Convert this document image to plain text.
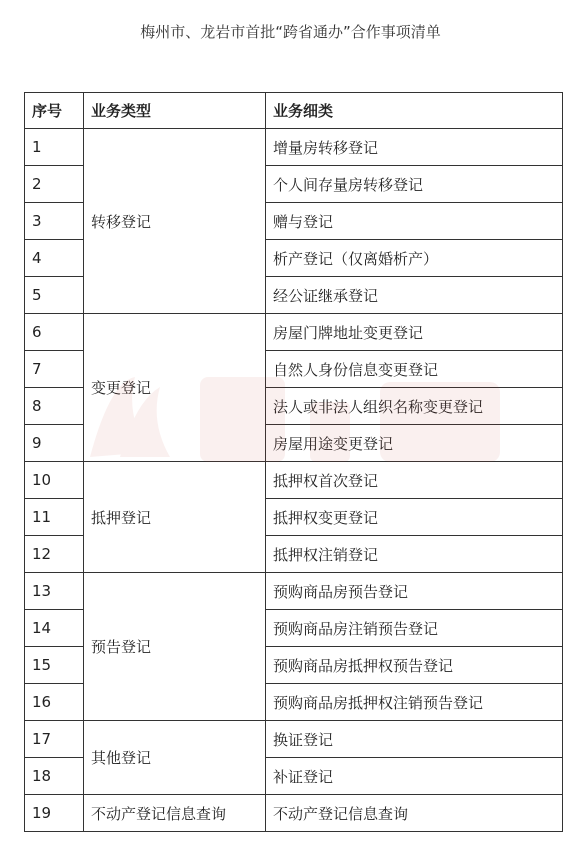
梅州市、龙岩市首批“跨省通办”合作事项清单
序号	业务类型	业务细类
1	转移登记	增量房转移登记
2		个人间存量房转移登记
3		赠与登记
4		析产登记（仅离婚析产）
5		经公证继承登记
6	变更登记	房屋门牌地址变更登记
7		自然人身份信息变更登记
8		法人或非法人组织名称变更登记
9		房屋用途变更登记
10	抵押登记	抵押权首次登记
11		抵押权变更登记
12		抵押权注销登记
13	预告登记	预购商品房预告登记
14		预购商品房注销预告登记
15		预购商品房抵押权预告登记
16		预购商品房抵押权注销预告登记
17	其他登记	换证登记
18		补证登记
19	不动产登记信息查询	不动产登记信息查询
